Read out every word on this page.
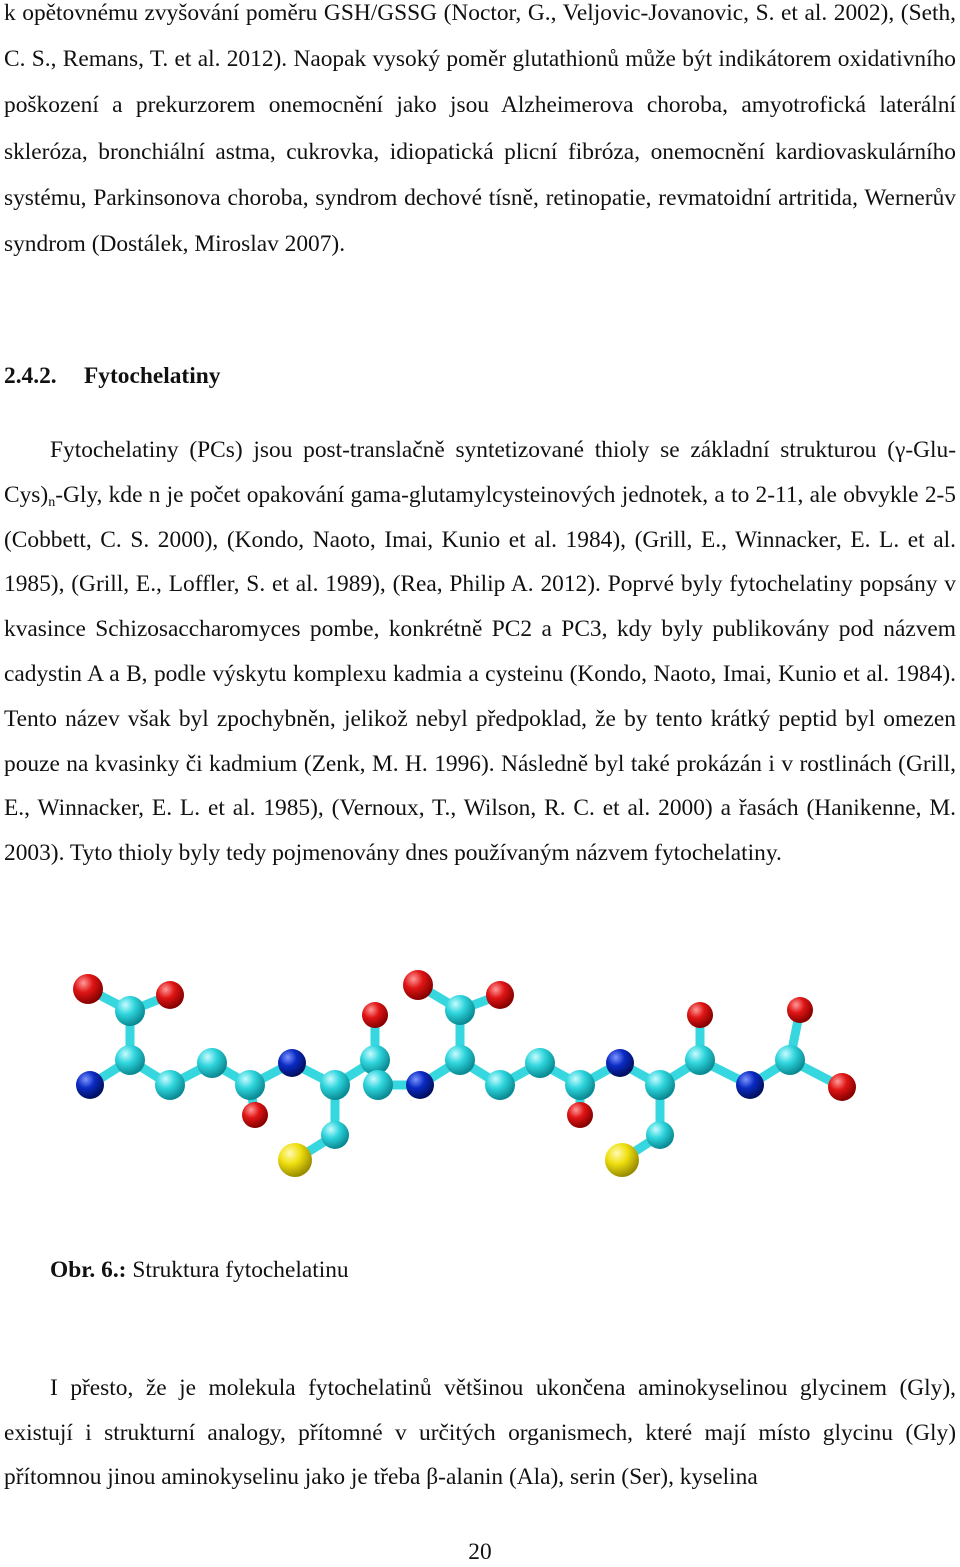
k opětovnému zvyšování poměru GSH/GSSG (Noctor, G., Veljovic-Jovanovic, S. et al. 2002), (Seth, C. S., Remans, T. et al. 2012). Naopak vysoký poměr glutathionů může být indikátorem oxidativního poškození a prekurzorem onemocnění jako jsou Alzheimerova choroba, amyotrofická laterální skleróza, bronchiální astma, cukrovka, idiopatická plicní fibróza, onemocnění kardiovaskulárního systému, Parkinsonova choroba, syndrom dechové tísně, retinopatie, revmatoidní artritida, Wernerův syndrom (Dostálek, Miroslav 2007).

2.4.2. Fytochelatiny

Fytochelatiny (PCs) jsou post-translačně syntetizované thioly se základní strukturou $(\gamma-Glu-Cys)_n$-Gly, kde n je počet opakování gama-glutamylcysteinových jednotek, a to 2-11, ale obvykle 2-5 (Cobbett, C. S. 2000), (Kondo, Naoto, Imai, Kunio et al. 1984), (Grill, E., Winnacker, E. L. et al. 1985), (Grill, E., Loffler, S. et al. 1989), (Rea, Philip A. 2012). Poprvé byly fytochelatiny popsány v kvasince Schizosaccharomyces pombe, konkrétně PC2 a PC3, kdy byly publikovány pod názvem cadystin A a B, podle výskytu komplexu kadmia a cysteinu (Kondo, Naoto, Imai, Kunio et al. 1984). Tento název však byl zpochybněn, jelikož nebyl předpoklad, že by tento krátký peptid byl omezen pouze na kvasinky či kadmium (Zenk, M. H. 1996). Následně byl také prokázán i v rostlinách (Grill, E., Winnacker, E. L. et al. 1985), (Vernoux, T., Wilson, R. C. et al. 2000) a řasách (Hanikenne, M. 2003). Tyto thioly byly tedy pojmenovány dnes používaným názvem fytochelatiny.

Obr. 6.: Struktura fytochelatinu

I přesto, že je molekula fytochelatinů většinou ukončena aminokyselinou glycinem (Gly), existují i strukturní analogy, přítomné v určitých organismech, které mají místo glycinu (Gly) přítomnou jinou aminokyselinu jako je třeba β-alanin (Ala), serin (Ser), kyselina

20
